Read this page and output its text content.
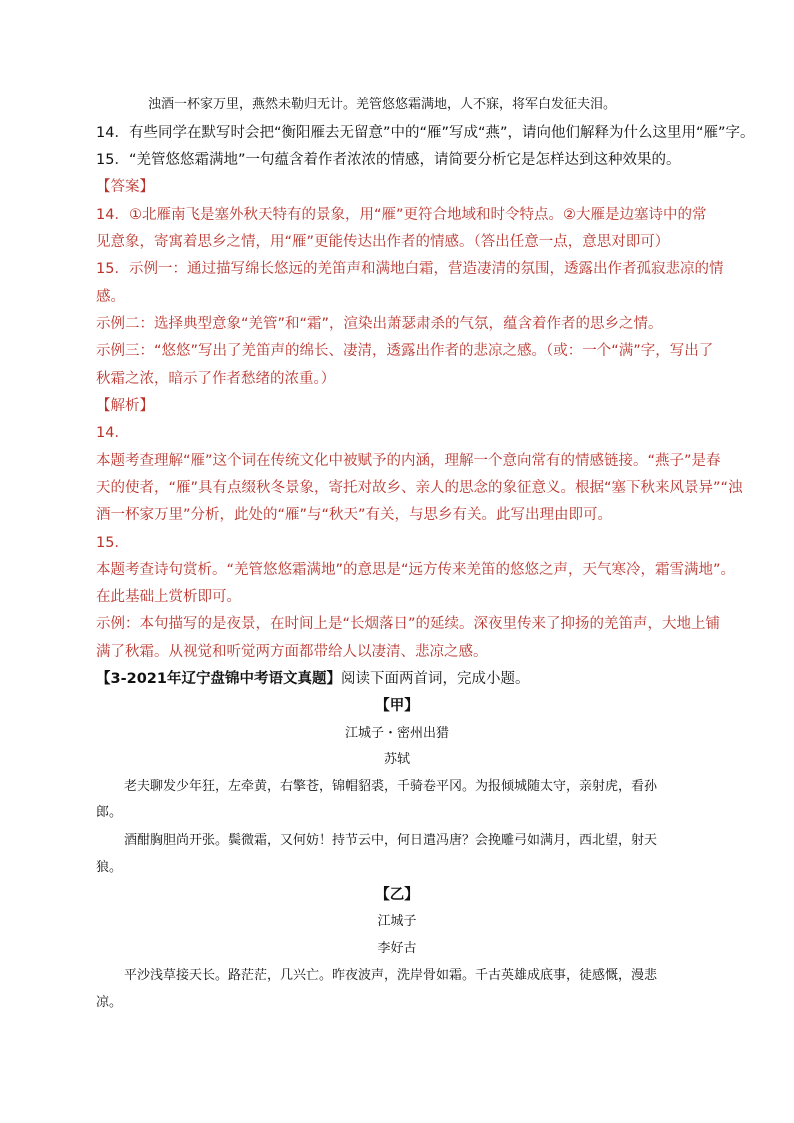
浊酒一杯家万里，燕然未勒归无计。羌管悠悠霜满地，人不寐，将军白发征夫泪。
14．有些同学在默写时会把“衡阳雁去无留意”中的“雁”写成“燕”，请向他们解释为什么这里用“雁”字。
15．“羌管悠悠霜满地”一句蕴含着作者浓浓的情感，请简要分析它是怎样达到这种效果的。
【答案】
14．①北雁南飞是塞外秋天特有的景象，用“雁”更符合地域和时令特点。②大雁是边塞诗中的常
见意象，寄寓着思乡之情，用“雁”更能传达出作者的情感。（答出任意一点，意思对即可）
15．示例一：通过描写绵长悠远的羌笛声和满地白霜，营造凄清的氛围，透露出作者孤寂悲凉的情
感。
示例二：选择典型意象“羌管”和“霜”，渲染出萧瑟肃杀的气氛，蕴含着作者的思乡之情。
示例三：“悠悠”写出了羌笛声的绵长、凄清，透露出作者的悲凉之感。（或：一个“满”字，写出了
秋霜之浓，暗示了作者愁绪的浓重。）
【解析】
14．
本题考查理解“雁”这个词在传统文化中被赋予的内涵，理解一个意向常有的情感链接。“燕子”是春
天的使者，“雁”具有点缀秋冬景象，寄托对故乡、亲人的思念的象征意义。根据“塞下秋来风景异”“浊
酒一杯家万里”分析，此处的“雁”与“秋天”有关，与思乡有关。此写出理由即可。
15．
本题考查诗句赏析。“羌管悠悠霜满地”的意思是“远方传来羌笛的悠悠之声，天气寒冷，霜雪满地”。
在此基础上赏析即可。
示例：本句描写的是夜景，在时间上是“长烟落日”的延续。深夜里传来了抑扬的羌笛声，大地上铺
满了秋霜。从视觉和听觉两方面都带给人以凄清、悲凉之感。
【3-2021年辽宁盘锦中考语文真题】阅读下面两首词，完成小题。
【甲】
江城子・密州出猎
苏轼
老夫聊发少年狂，左牵黄，右擎苍，锦帽貂裘，千骑卷平冈。为报倾城随太守，亲射虎，看孙
郎。
酒酣胸胆尚开张。鬓微霜，又何妨！持节云中，何日遣冯唐？会挽雕弓如满月，西北望，射天
狼。
【乙】
江城子
李好古
平沙浅草接天长。路茫茫，几兴亡。昨夜波声，洗岸骨如霜。千古英雄成底事，徒感慨，漫悲
凉。
